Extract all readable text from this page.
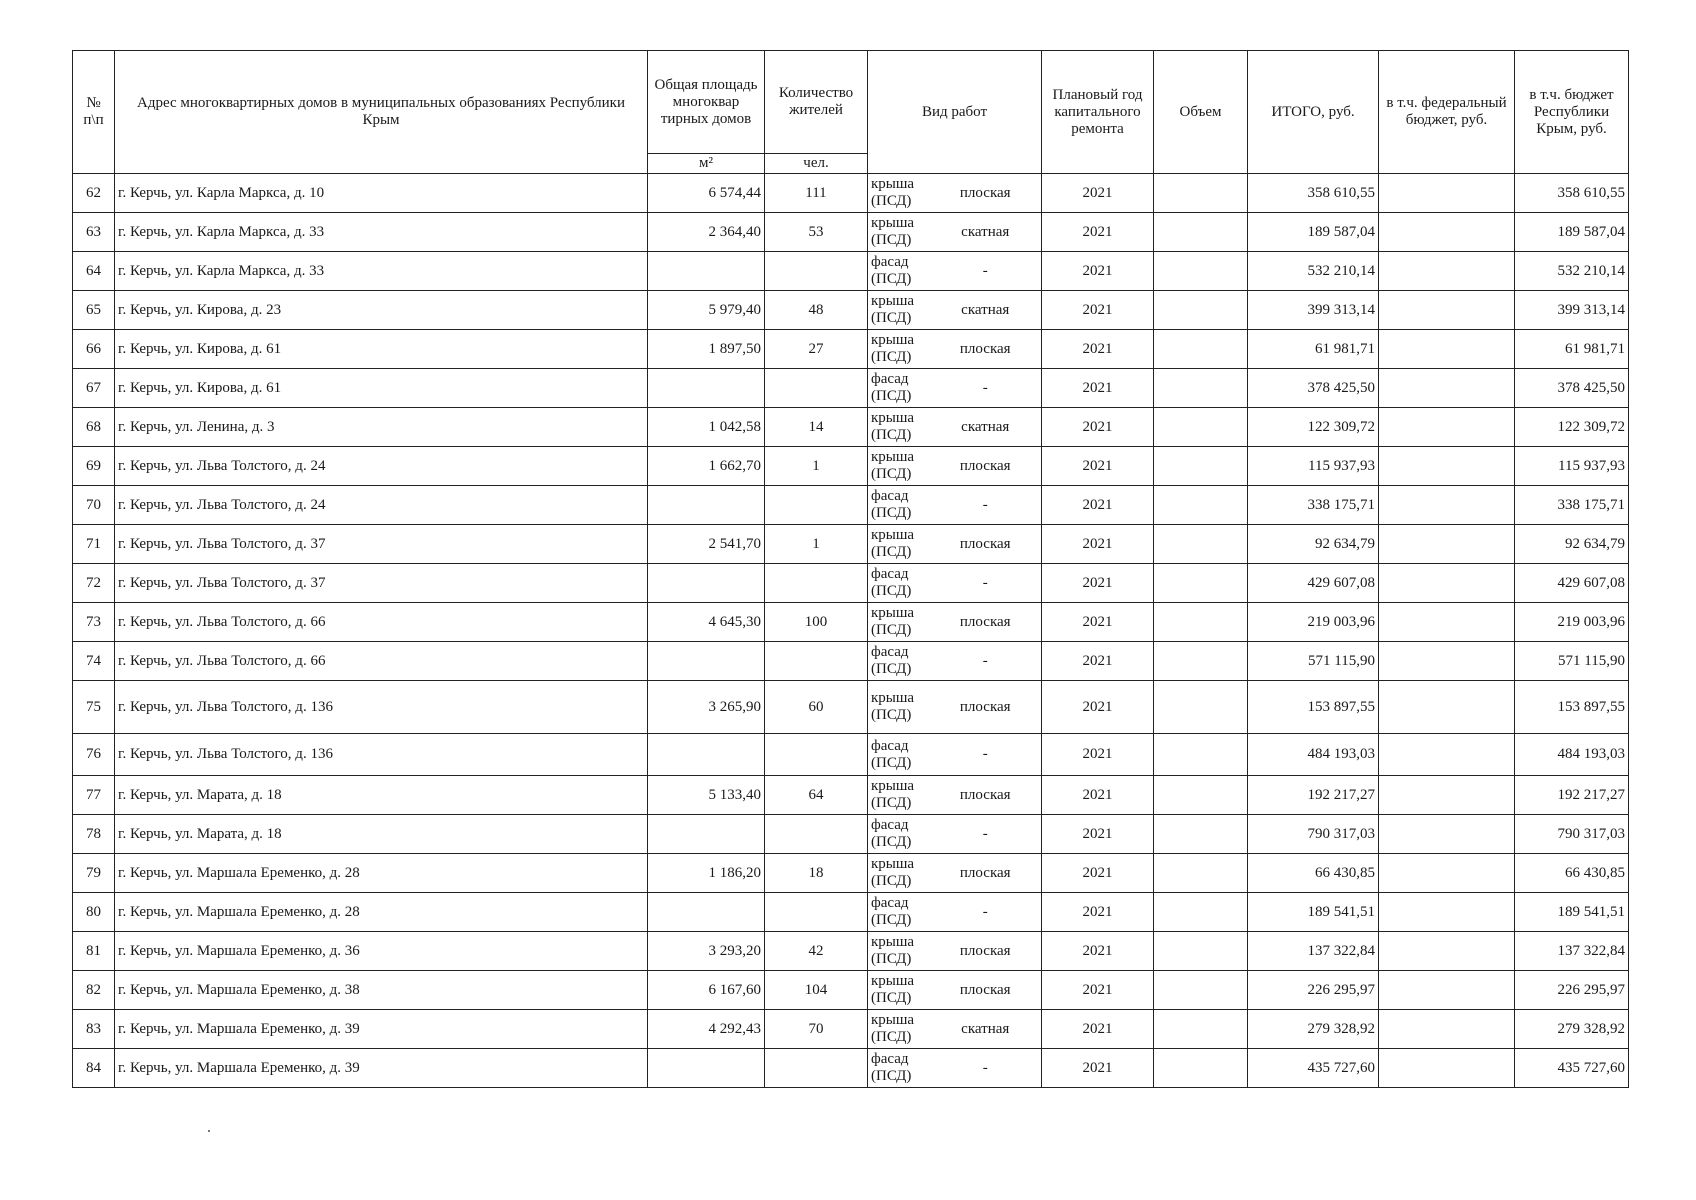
№ п\п	Адрес многоквартирных домов в муниципальных образованиях Республики Крым	Общая площадь многоквар тирных домов	Количество жителей	Вид работ		Плановый год капитального ремонта	Объем	ИТОГО, руб.	в т.ч. федеральный бюджет, руб.	в т.ч. бюджет Республики Крым, руб.
		м²	чел.							
62	г. Керчь, ул. Карла Маркса, д. 10	6 574,44	111	крыша (ПСД)	плоская	2021		358 610,55		358 610,55
63	г. Керчь, ул. Карла Маркса, д. 33	2 364,40	53	крыша (ПСД)	скатная	2021		189 587,04		189 587,04
64	г. Керчь, ул. Карла Маркса, д. 33			фасад (ПСД)	-	2021		532 210,14		532 210,14
65	г. Керчь, ул. Кирова, д. 23	5 979,40	48	крыша (ПСД)	скатная	2021		399 313,14		399 313,14
66	г. Керчь, ул. Кирова, д. 61	1 897,50	27	крыша (ПСД)	плоская	2021		61 981,71		61 981,71
67	г. Керчь, ул. Кирова, д. 61			фасад (ПСД)	-	2021		378 425,50		378 425,50
68	г. Керчь, ул. Ленина, д. 3	1 042,58	14	крыша (ПСД)	скатная	2021		122 309,72		122 309,72
69	г. Керчь, ул. Льва Толстого, д. 24	1 662,70	1	крыша (ПСД)	плоская	2021		115 937,93		115 937,93
70	г. Керчь, ул. Льва Толстого, д. 24			фасад (ПСД)	-	2021		338 175,71		338 175,71
71	г. Керчь, ул. Льва Толстого, д. 37	2 541,70	1	крыша (ПСД)	плоская	2021		92 634,79		92 634,79
72	г. Керчь, ул. Льва Толстого, д. 37			фасад (ПСД)	-	2021		429 607,08		429 607,08
73	г. Керчь, ул. Льва Толстого, д. 66	4 645,30	100	крыша (ПСД)	плоская	2021		219 003,96		219 003,96
74	г. Керчь, ул. Льва Толстого, д. 66			фасад (ПСД)	-	2021		571 115,90		571 115,90
75	г. Керчь, ул. Льва Толстого, д. 136	3 265,90	60	крыша (ПСД)	плоская	2021		153 897,55		153 897,55
76	г. Керчь, ул. Льва Толстого, д. 136			фасад (ПСД)	-	2021		484 193,03		484 193,03
77	г. Керчь, ул. Марата, д. 18	5 133,40	64	крыша (ПСД)	плоская	2021		192 217,27		192 217,27
78	г. Керчь, ул. Марата, д. 18			фасад (ПСД)	-	2021		790 317,03		790 317,03
79	г. Керчь, ул. Маршала Еременко, д. 28	1 186,20	18	крыша (ПСД)	плоская	2021		66 430,85		66 430,85
80	г. Керчь, ул. Маршала Еременко, д. 28			фасад (ПСД)	-	2021		189 541,51		189 541,51
81	г. Керчь, ул. Маршала Еременко, д. 36	3 293,20	42	крыша (ПСД)	плоская	2021		137 322,84		137 322,84
82	г. Керчь, ул. Маршала Еременко, д. 38	6 167,60	104	крыша (ПСД)	плоская	2021		226 295,97		226 295,97
83	г. Керчь, ул. Маршала Еременко, д. 39	4 292,43	70	крыша (ПСД)	скатная	2021		279 328,92		279 328,92
84	г. Керчь, ул. Маршала Еременко, д. 39			фасад (ПСД)	-	2021		435 727,60		435 727,60
